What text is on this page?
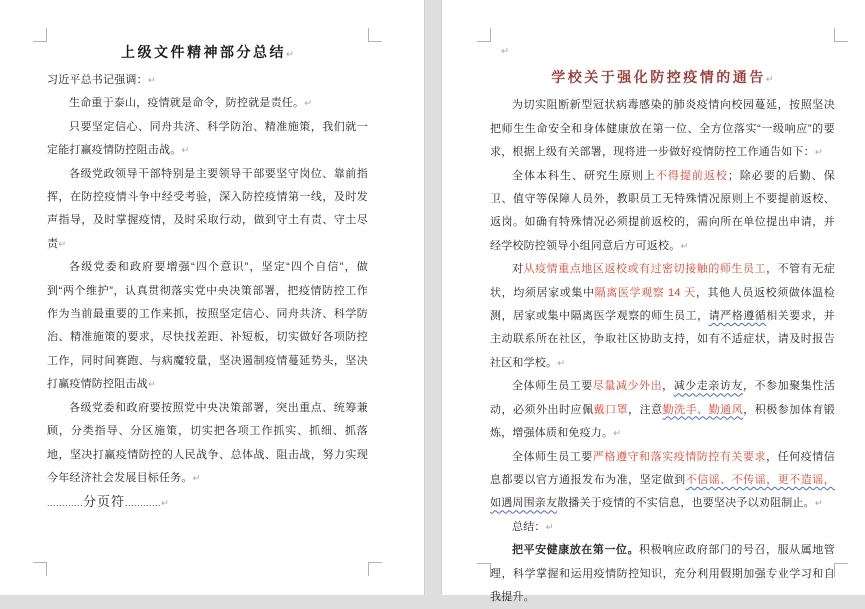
上级文件精神部分总结↵

习近平总书记强调：↵

生命重于泰山，疫情就是命令，防控就是责任。↵

只要坚定信心、同舟共济、科学防治、精准施策，我们就一定能打赢疫情防控阻击战。↵

各级党政领导干部特别是主要领导干部要坚守岗位、靠前指挥，在防控疫情斗争中经受考验，深入防控疫情第一线，及时发声指导，及时掌握疫情，及时采取行动，做到守土有责、守土尽责↵

各级党委和政府要增强“四个意识”，坚定“四个自信”，做到“两个维护”，认真贯彻落实党中央决策部署，把疫情防控工作作为当前最重要的工作来抓，按照坚定信心、同舟共济、科学防治、精准施策的要求，尽快找差距、补短板，切实做好各项防控工作，同时间赛跑、与病魔较量，坚决遏制疫情蔓延势头，坚决打赢疫情防控阻击战↵

各级党委和政府要按照党中央决策部署，突出重点、统筹兼顾，分类指导、分区施策，切实把各项工作抓实、抓细、抓落地，坚决打赢疫情防控的人民战争、总体战、阻击战，努力实现今年经济社会发展目标任务。↵

............分页符............↵

↵

学校关于强化防控疫情的通告↵

为切实阻断新型冠状病毒感染的肺炎疫情向校园蔓延，按照坚决把师生生命安全和身体健康放在第一位、全方位落实“一级响应”的要求，根据上级有关部署，现将进一步做好疫情防控工作通告如下：↵

全体本科生、研究生原则上不得提前返校；除必要的后勤、保卫、值守等保障人员外，教职员工无特殊情况原则上不要提前返校、返岗。如确有特殊情况必须提前返校的，需向所在单位提出申请，并经学校防控领导小组同意后方可返校。↵

对从疫情重点地区返校或有过密切接触的师生员工，不管有无症状，均须居家或集中隔离医学观察 14 天，其他人员返校须做体温检测，居家或集中隔离医学观察的师生员工，请严格遵循相关要求，并主动联系所在社区，争取社区协助支持，如有不适症状，请及时报告社区和学校。↵

全体师生员工要尽量减少外出，减少走亲访友，不参加聚集性活动，必须外出时应佩戴口罩，注意勤洗手、勤通风，积极参加体育锻炼，增强体质和免疫力。↵

全体师生员工要严格遵守和落实疫情防控有关要求，任何疫情信息都要以官方通报发布为准，坚定做到不信谣、不传谣，更不造谣，如遇周围亲友散播关于疫情的不实信息，也要坚决予以劝阻制止。↵

总结：↵

把平安健康放在第一位。积极响应政府部门的号召，服从属地管理，科学掌握和运用疫情防控知识，充分利用假期加强专业学习和自我提升。
